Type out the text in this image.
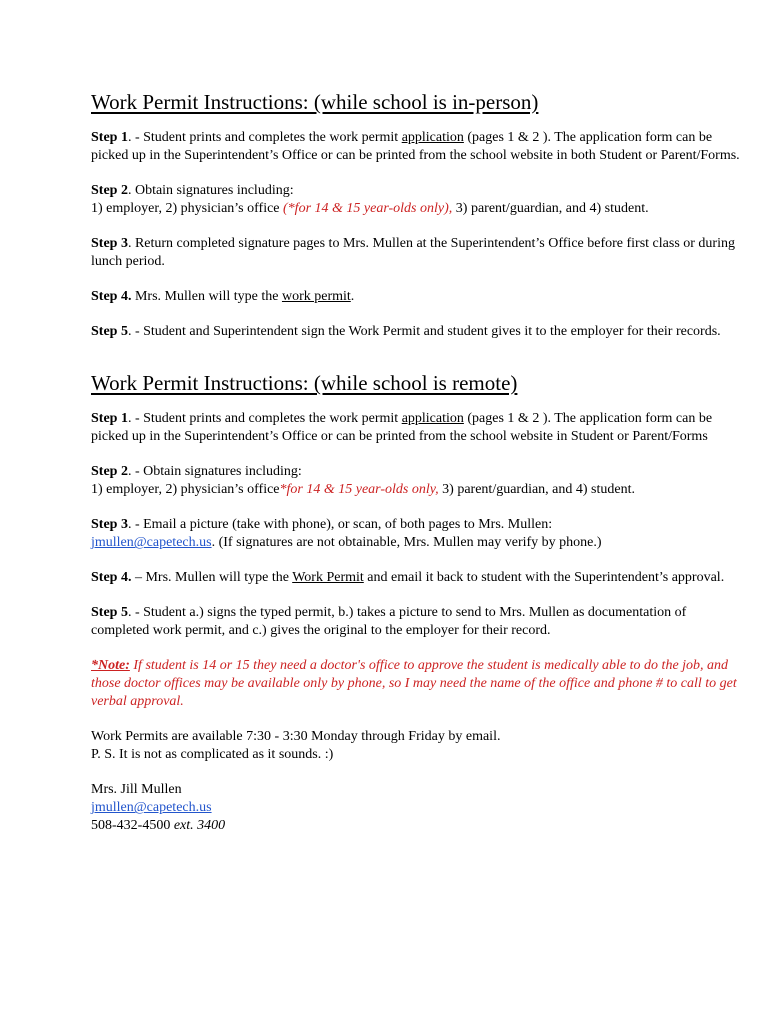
Work Permit Instructions: (while school is in-person)

Step 1. - Student prints and completes the work permit application (pages 1 & 2 ). The application form can be picked up in the Superintendent’s Office or can be printed from the school website in both Student or Parent/Forms.

Step 2. Obtain signatures including:
1) employer, 2) physician’s office (*for 14 & 15 year-olds only), 3) parent/guardian, and 4) student.

Step 3. Return completed signature pages to Mrs. Mullen at the Superintendent’s Office before first class or during lunch period.

Step 4. Mrs. Mullen will type the work permit.

Step 5. - Student and Superintendent sign the Work Permit and student gives it to the employer for their records.

Work Permit Instructions: (while school is remote)

Step 1. - Student prints and completes the work permit application (pages 1 & 2 ). The application form can be picked up in the Superintendent’s Office or can be printed from the school website in Student or Parent/Forms

Step 2. - Obtain signatures including:
1) employer, 2) physician’s office*for 14 & 15 year-olds only, 3) parent/guardian, and 4) student.

Step 3. - Email a picture (take with phone), or scan, of both pages to Mrs. Mullen:
jmullen@capetech.us. (If signatures are not obtainable, Mrs. Mullen may verify by phone.)

Step 4. – Mrs. Mullen will type the Work Permit and email it back to student with the Superintendent’s approval.

Step 5. - Student a.) signs the typed permit, b.) takes a picture to send to Mrs. Mullen as documentation of completed work permit, and c.) gives the original to the employer for their record.

*Note: If student is 14 or 15 they need a doctor's office to approve the student is medically able to do the job, and those doctor offices may be available only by phone, so I may need the name of the office and phone # to call to get verbal approval.

Work Permits are available 7:30 - 3:30 Monday through Friday by email.
P. S. It is not as complicated as it sounds. :)

Mrs. Jill Mullen

jmullen@capetech.us

508-432-4500 ext. 3400
